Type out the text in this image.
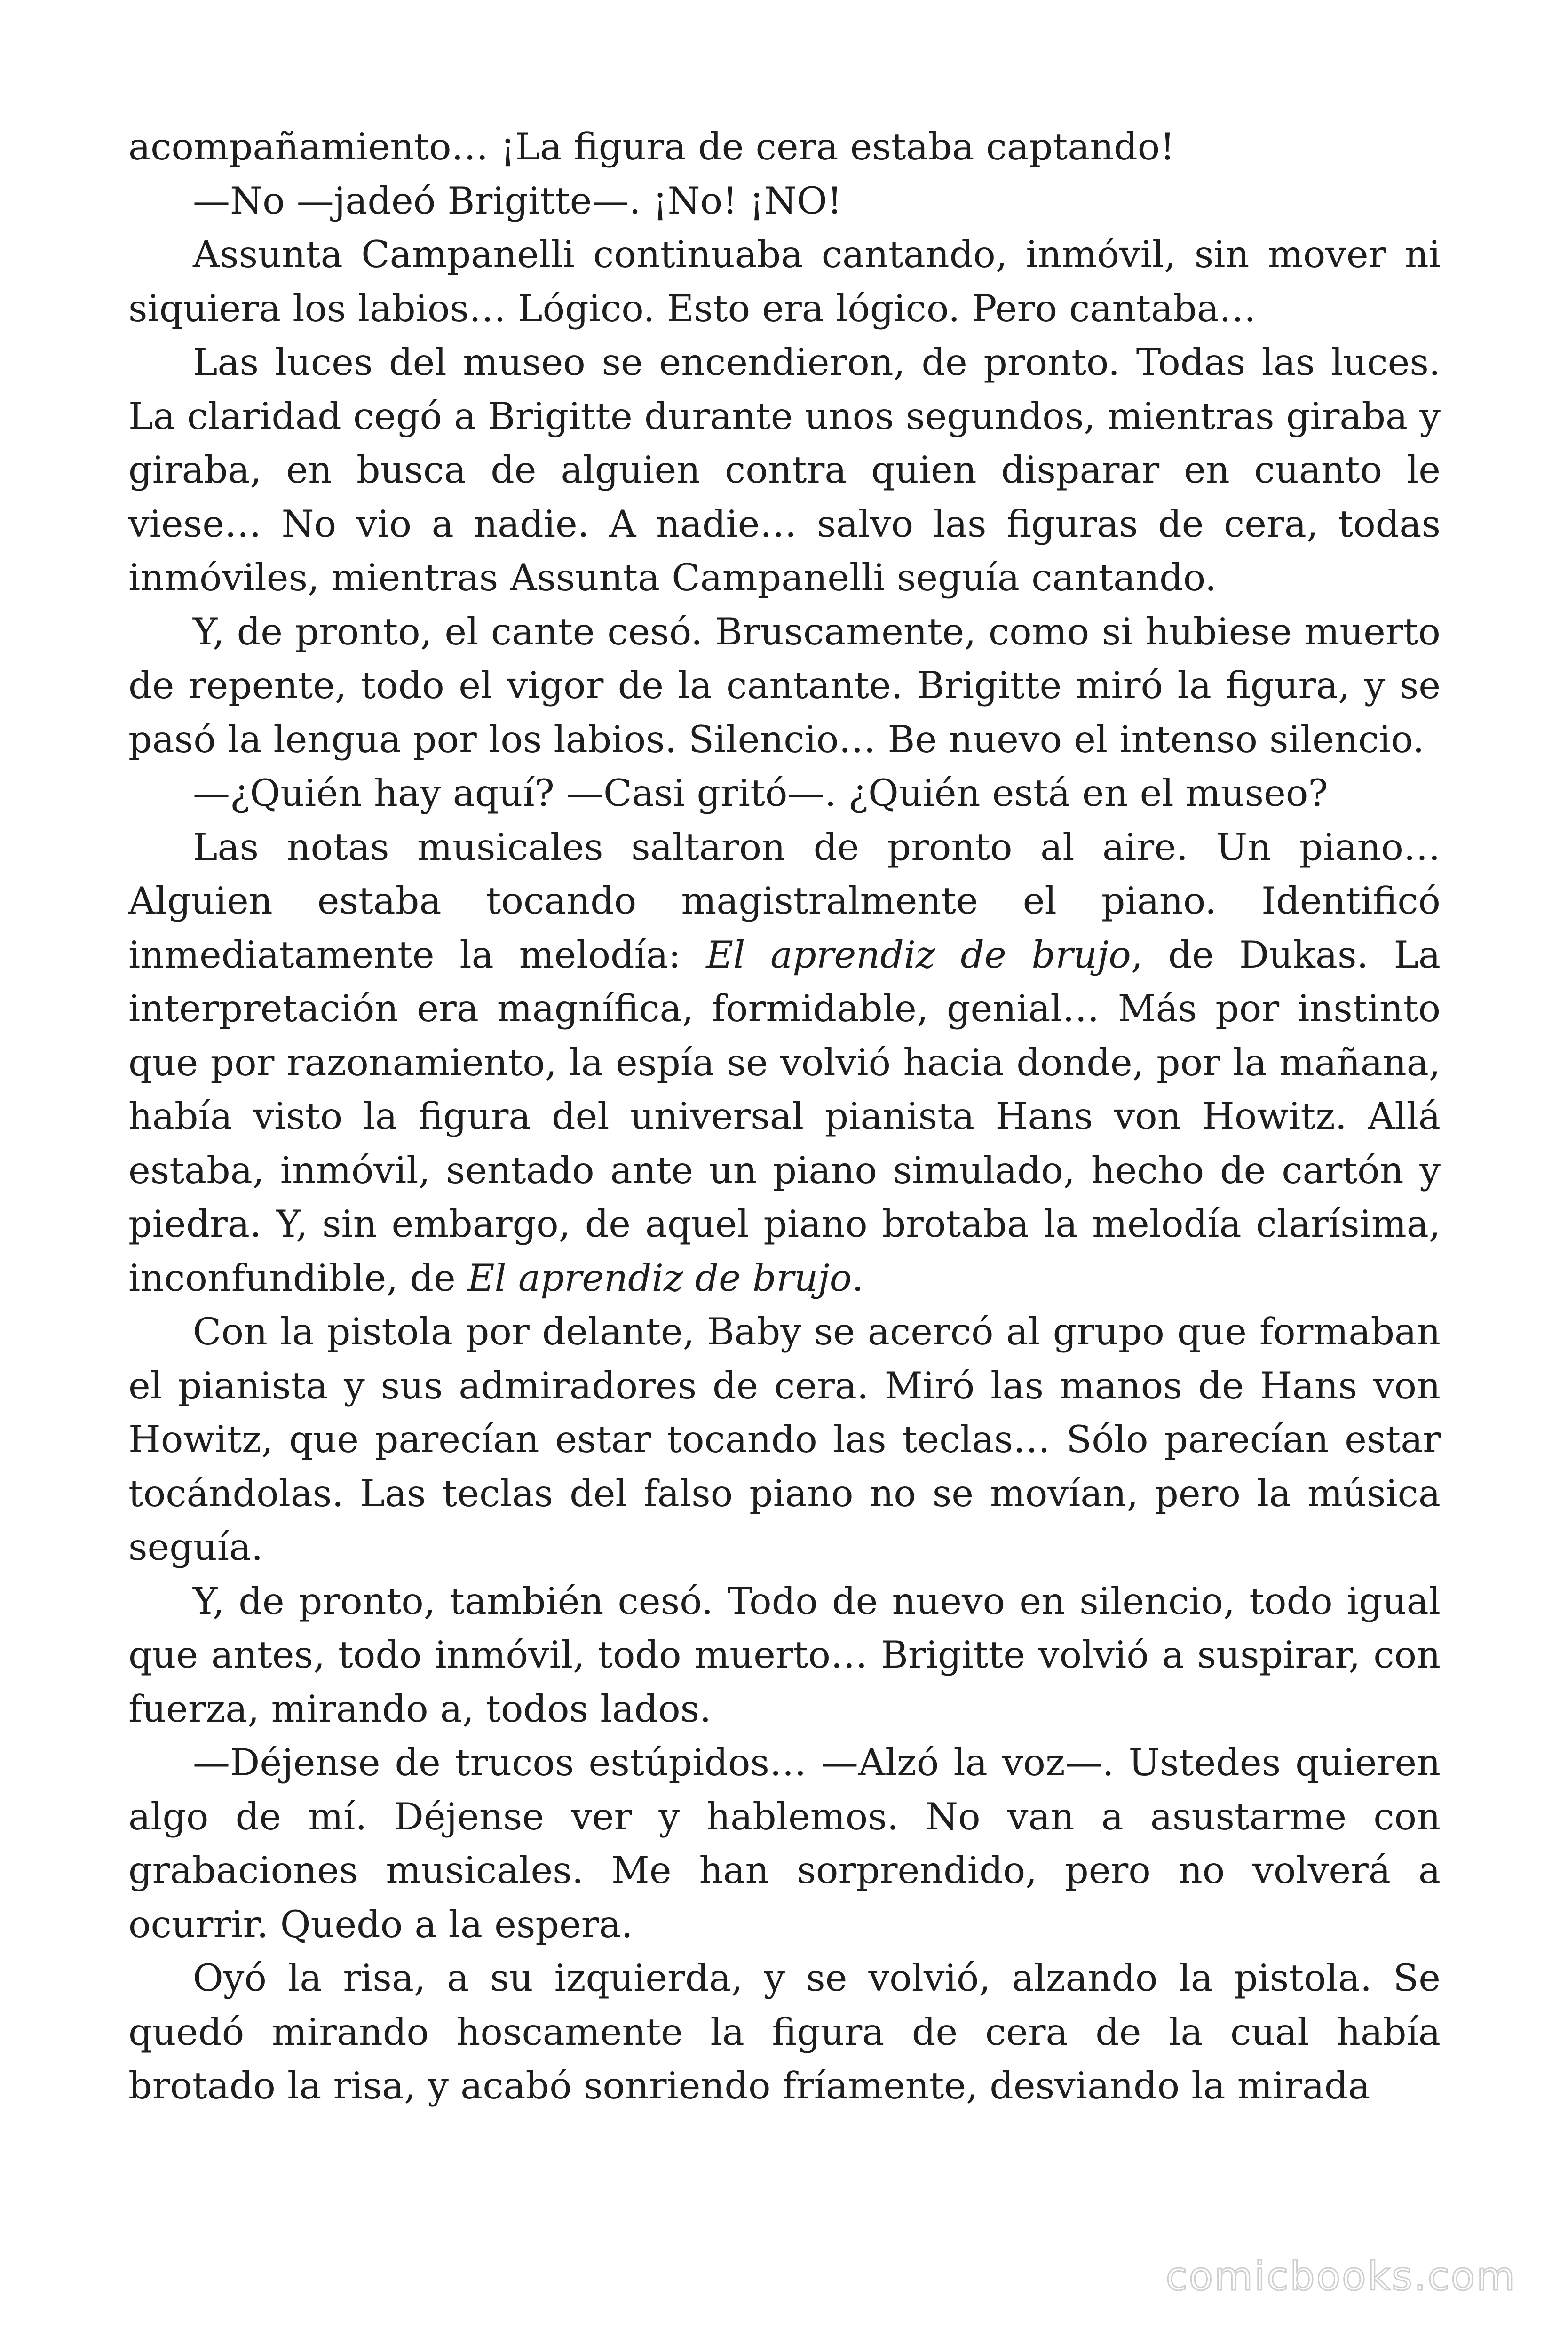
acompañamiento… ¡La figura de cera estaba captando!

—No —jadeó Brigitte—. ¡No! ¡NO!

Assunta Campanelli continuaba cantando, inmóvil, sin mover ni siquiera los labios… Lógico. Esto era lógico. Pero cantaba…

Las luces del museo se encendieron, de pronto. Todas las luces. La claridad cegó a Brigitte durante unos segundos, mientras giraba y giraba, en busca de alguien contra quien disparar en cuanto le viese… No vio a nadie. A nadie… salvo las figuras de cera, todas inmóviles, mientras Assunta Campanelli seguía cantando.

Y, de pronto, el cante cesó. Bruscamente, como si hubiese muerto de repente, todo el vigor de la cantante. Brigitte miró la figura, y se pasó la lengua por los labios. Silencio… Be nuevo el intenso silencio.

—¿Quién hay aquí? —Casi gritó—. ¿Quién está en el museo?

Las notas musicales saltaron de pronto al aire. Un piano… Alguien estaba tocando magistralmente el piano. Identificó inmediatamente la melodía: El aprendiz de brujo, de Dukas. La interpretación era magnífica, formidable, genial… Más por instinto que por razonamiento, la espía se volvió hacia donde, por la mañana, había visto la figura del universal pianista Hans von Howitz. Allá estaba, inmóvil, sentado ante un piano simulado, hecho de cartón y piedra. Y, sin embargo, de aquel piano brotaba la melodía clarísima, inconfundible, de El aprendiz de brujo.

Con la pistola por delante, Baby se acercó al grupo que formaban el pianista y sus admiradores de cera. Miró las manos de Hans von Howitz, que parecían estar tocando las teclas… Sólo parecían estar tocándolas. Las teclas del falso piano no se movían, pero la música seguía.

Y, de pronto, también cesó. Todo de nuevo en silencio, todo igual que antes, todo inmóvil, todo muerto… Brigitte volvió a suspirar, con fuerza, mirando a, todos lados.

—Déjense de trucos estúpidos… —Alzó la voz—. Ustedes quieren algo de mí. Déjense ver y hablemos. No van a asustarme con grabaciones musicales. Me han sorprendido, pero no volverá a ocurrir. Quedo a la espera.

Oyó la risa, a su izquierda, y se volvió, alzando la pistola. Se quedó mirando hoscamente la figura de cera de la cual había brotado la risa, y acabó sonriendo fríamente, desviando la mirada

comicbooks.com
